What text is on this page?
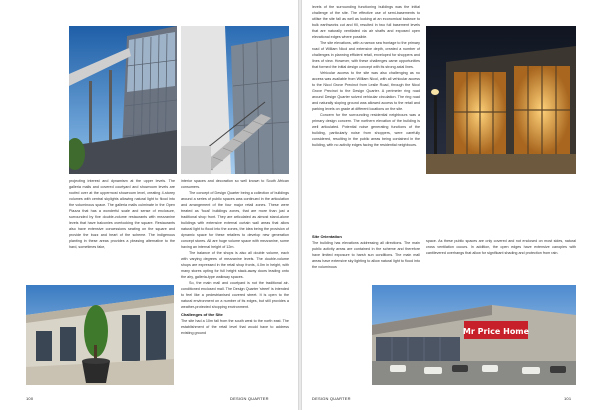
projecting interest and dynamism at the upper levels. The galleria malls and covered courtyard and showroom levels are roofed over at the uppermost showroom level, creating 4-storey volumes with central skylights allowing natural light to flood into the voluminous space. The galleria malls culminate in the Open Piazza that has a wonderful scale and sense of enclosure, surrounded by five double-volume restaurants with mezzanine levels that have balconies overlooking the square. Restaurants also have extensive concessions seating on the square and provide the buzz and heart of the scheme. The indigenous planting in these areas provides a pleasing alternative to the hard, sometimes fake,

interior spaces and decoration so well known to South African consumers.

The concept of Design Quarter being a collection of buildings around a series of public spaces was continued in the articulation and arrangement of the four major retail zones. These were treated as 'focal' buildings zones, that are more than just a traditional shop front. They are articulated as almost stand-alone buildings with extensive external curtain wall areas that allow natural light to flood into the zones, the idea being the provision of dynamic space for these retailers to develop new generation concept stores. All are huge volume space with mezzanine, some having an internal height of 12m.

The balance of the shops is also all double volume, each with varying degrees of mezzanine levels. The double-volume shops are expressed in the retail shop fronts, 4.0m in height, with many stores opting for full height stack-away doors leading onto the airy, galleria-type walkway spaces.

So, the main mall and courtyard is not the traditional air-conditioned enclosed mall. The Design Quarter 'street' is intended to feel like a pedestrianised covered street. It is open to the natural environment on a number of its edges, but still provides a weather-protected shopping environment.

Challenges of the Site

The site had a 10m fall from the south west to the north east. The establishment of the retail level that would have to address existing ground

100	DESIGN QUARTER

levels of the surrounding functioning buildings was the initial challenge of the site. The effective use of semi-basements to utilise the site fall as well as looking at an economical balance to bulk earthworks cut and fill, resulted in two full basement levels that are naturally ventilated via air shafts and exposed open elevational edges where possible.

The site elevations, with a narrow sea frontage to the primary road of William Nicol and extensive depth, created a number of challenges in planning efficient retail, enveloped for shoppers and lines of view. However, with these challenges came opportunities that formed the initial design concept with its strong axial lines.

Vehicular access to the site was also challenging as no access was available from William Nicol, with all vehicular access to the Nicol Grove Precinct from Leslie Road, through the Nicol Grove Precinct to the Design Quarter. A perimeter ring road around Design Quarter solved vehicular circulation. The ring road and naturally sloping ground was allowed access to the retail and parking levels on grade at different locations on the site.

Concern for the surrounding residential neighbours was a primary design concern. The northern elevation of the building is well articulated. Potential noise generating functions of the building, particularly noise from shoppers, were carefully considered, resulting in the public areas being contained in the building, with no activity edges facing the residential neighbours.

Site Orientation

The building has elevations addressing all directions. The main public activity areas are contained in the scheme and therefore have limited exposure to harsh sun conditions. The main mall areas have extensive sky lighting to allow natural light to flood into the voluminous

space. As these public spaces are only covered and not enclosed on most sides, natural cross ventilation occurs. In addition, the open edges have extensive canopies with cantilevered overhangs that allow for significant shading and protection from rain.

Mr Price Home
DESIGN QUARTER	101
